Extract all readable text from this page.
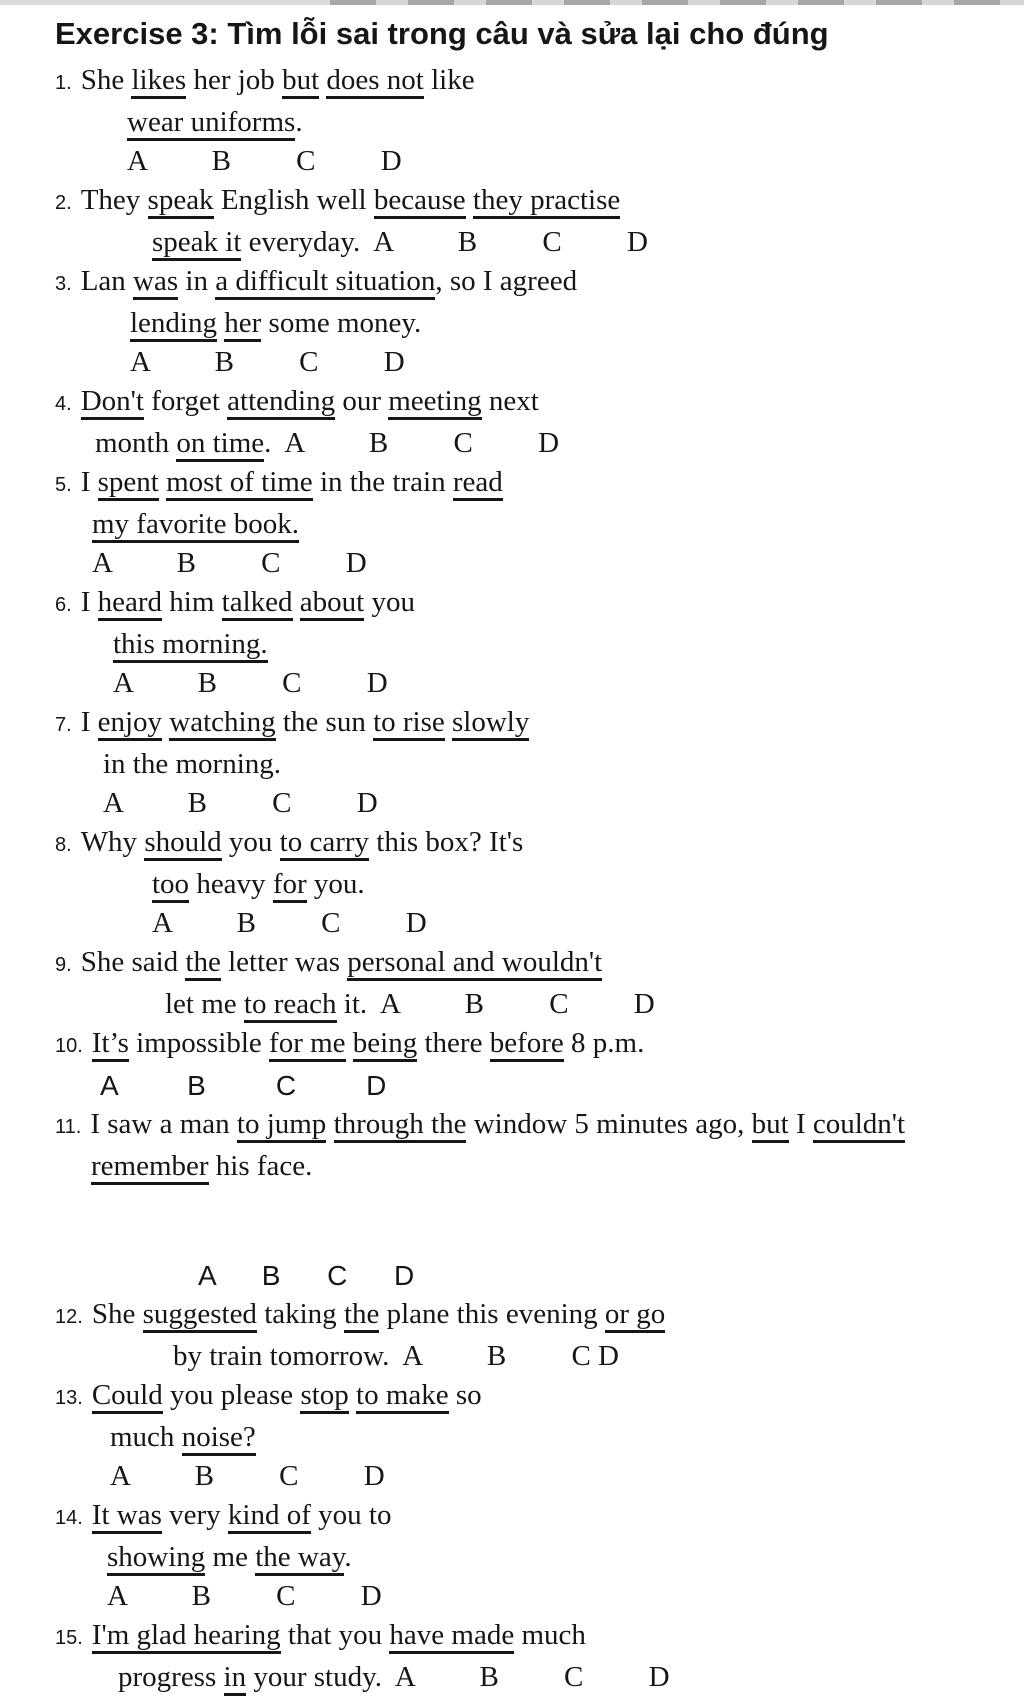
Exercise 3: Tìm lỗi sai trong câu và sửa lại cho đúng
1. She likes her job but does not like
wear uniforms.
A         B         C         D
2. They speak English well because they practise
speak it everyday.  A         B         C         D
3. Lan was in a difficult situation, so I agreed
lending her some money.
A         B         C         D
4. Don't forget attending our meeting next
month on time.  A         B         C         D
5. I spent most of time in the train read
my favorite book.
A         B         C         D
6. I heard him talked about you
this morning.
A         B         C         D
7. I enjoy watching the sun to rise slowly
in the morning.
A         B         C         D
8. Why should you to carry this box? It's
too heavy for you.
A         B         C         D
9. She said the letter was personal and wouldn't
let me to reach it.  A         B         C         D
10. It’s impossible for me being there before 8 p.m.
A         B         C         D
11. I saw a man to jump through the window 5 minutes ago, but I couldn't
remember his face.
A      B      C      D
12. She suggested taking the plane this evening or go
by train tomorrow.  A         B         C D
13. Could you please stop to make so
much noise?
A         B         C         D
14. It was very kind of you to
showing me the way.
A         B         C         D
15. I'm glad hearing that you have made much
progress in your study.  A         B         C         D
